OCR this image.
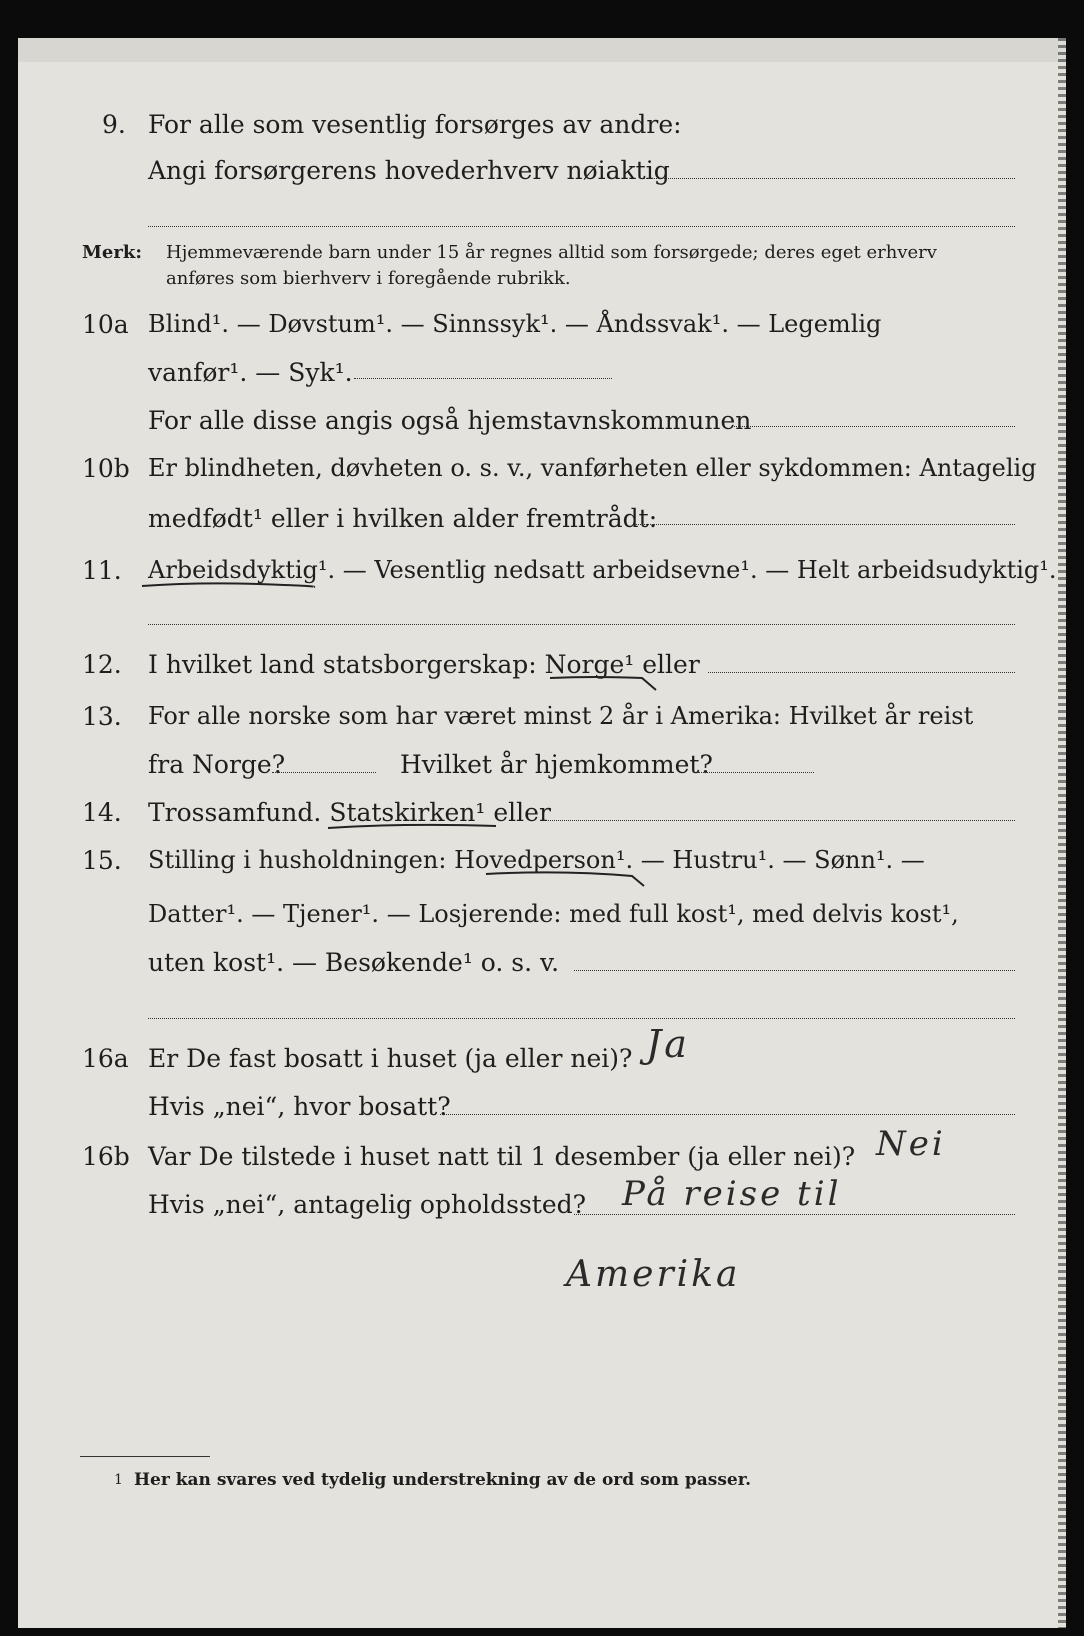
9. For alle som vesentlig forsørges av andre:
Angi forsørgerens hovederhverv nøiaktig
Merk: Hjemmeværende barn under 15 år regnes alltid som forsørgede; deres eget erhverv
anføres som bierhverv i foregående rubrikk.
10a Blind¹. — Døvstum¹. — Sinnssyk¹. — Åndssvak¹. — Legemlig
vanfør¹. — Syk¹.
For alle disse angis også hjemstavnskommunen
10b Er blindheten, døvheten o. s. v., vanførheten eller sykdommen: Antagelig
medfødt¹ eller i hvilken alder fremtrådt:
11. Arbeidsdyktig¹. — Vesentlig nedsatt arbeidsevne¹. — Helt arbeidsudyktig¹.
12. I hvilket land statsborgerskap: Norge¹ eller
13. For alle norske som har været minst 2 år i Amerika: Hvilket år reist
fra Norge?	Hvilket år hjemkommet?
14. Trossamfund. Statskirken¹ eller
15. Stilling i husholdningen: Hovedperson¹. — Hustru¹. — Sønn¹. —
Datter¹. — Tjener¹. — Losjerende: med full kost¹, med delvis kost¹,
uten kost¹. — Besøkende¹ o. s. v.
16a Er De fast bosatt i huset (ja eller nei)? Ja
Hvis „nei“, hvor bosatt?
16b Var De tilstede i huset natt til 1 desember (ja eller nei)? Nei
Hvis „nei“, antagelig opholdssted? På reise til
Amerika
1 Her kan svares ved tydelig understrekning av de ord som passer.
